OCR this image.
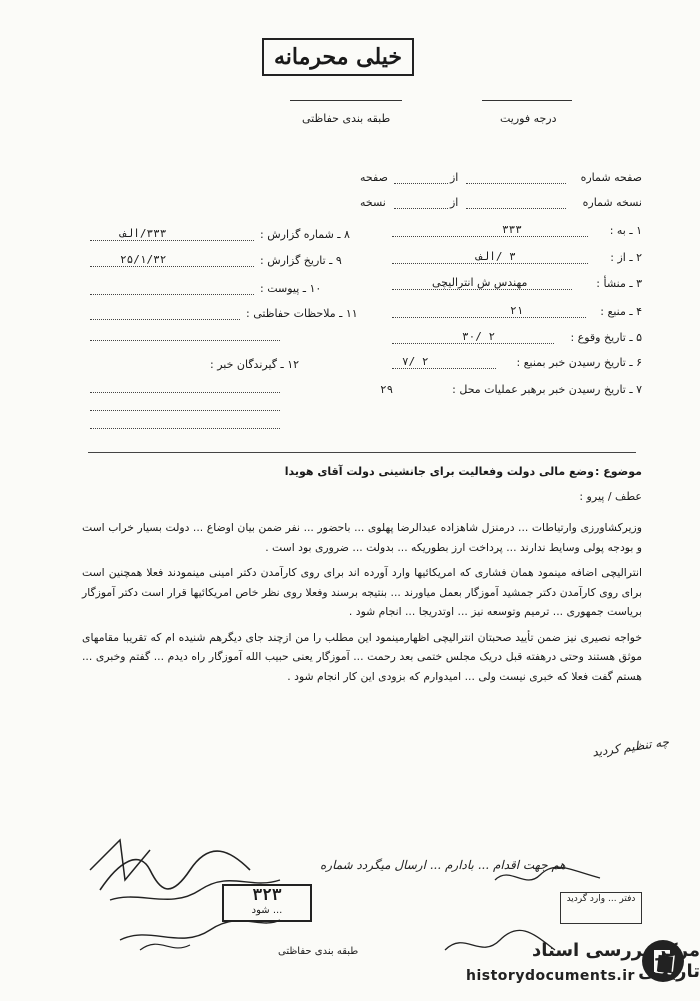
خیلی محرمانه
طبقه بندی حفاظتی	درجه فوریت
صفحه شماره
از
صفحه
نسخه شماره
از
نسخه
۱ ـ به :
۳۳۳
۲ ـ از :
۳ /الف
۳ ـ منشأ :
مهندس ش انتراليچی
۴ ـ منبع :
۲۱
۵ ـ تاریخ وقوع :
۲ /۳۰
۶ ـ تاریخ رسیدن خبر بمنبع :
۲ /۷
۷ ـ تاریخ رسیدن خبر برهبر عملیات محل :
۲۹
۸ ـ شماره گزارش :
۳۳۳/الف
۹ ـ تاریخ گزارش :
۲۵/۱/۳۲
۱۰ ـ پیوست :
۱۱ ـ ملاحظات حفاظتی :
۱۲ ـ گیرندگان خبر :
موضوع :
وضع مالی دولت وفعالیت برای جانشینی دولت آقای هویدا
عطف / پیرو :

وزیرکشاورزی وارتیاطات ... درمنزل شاهزاده عبدالرضا پهلوی ... باحضور ... نفر ضمن بیان اوضاع ... دولت بسیار خراب است و بودجه پولی وسایط ندارند ... پرداخت ارز بطوریکه ... بدولت ... ضروری بود است .

انترالیچی اضافه مینمود همان فشاری که امریکائیها وارد آورده اند برای روی کارآمدن دکتر امینی مینمودند فعلا همچنین است برای روی کارآمدن دکتر جمشید آموزگار بعمل میاورند ... بنتیجه برسند وفعلا روی نظر خاص امریکائیها قرار است دکتر آموزگار بریاست جمهوری ... ترمیم وتوسعه نیز ... اوتدریجا ... انجام شود .

خواجه نصیری نیز ضمن تأیید صحبتان انترالیچی اظهارمینمود این مطلب را من ازچند جای دیگرهم شنیده ام که تقریبا مقامهای موثق هستند وحتی درهفته قبل دریک مجلس ختمی بعد رحمت ... آموزگار یعنی حبیب الله آموزگار راه دیدم ... گفتم وخبری ... هستم گفت فعلا که خبری نیست ولی ... امیدوارم که بزودی این کار انجام شود .

چه تنظیم کردید
هم جهت اقدام ... بادارم ... ارسال میگردد شماره
۳۲۳
... شود
طبقه بندی حفاظتی
دفتر ... وارد گردید
مرکز بررسی اسناد تاریخی
historydocuments.ir
